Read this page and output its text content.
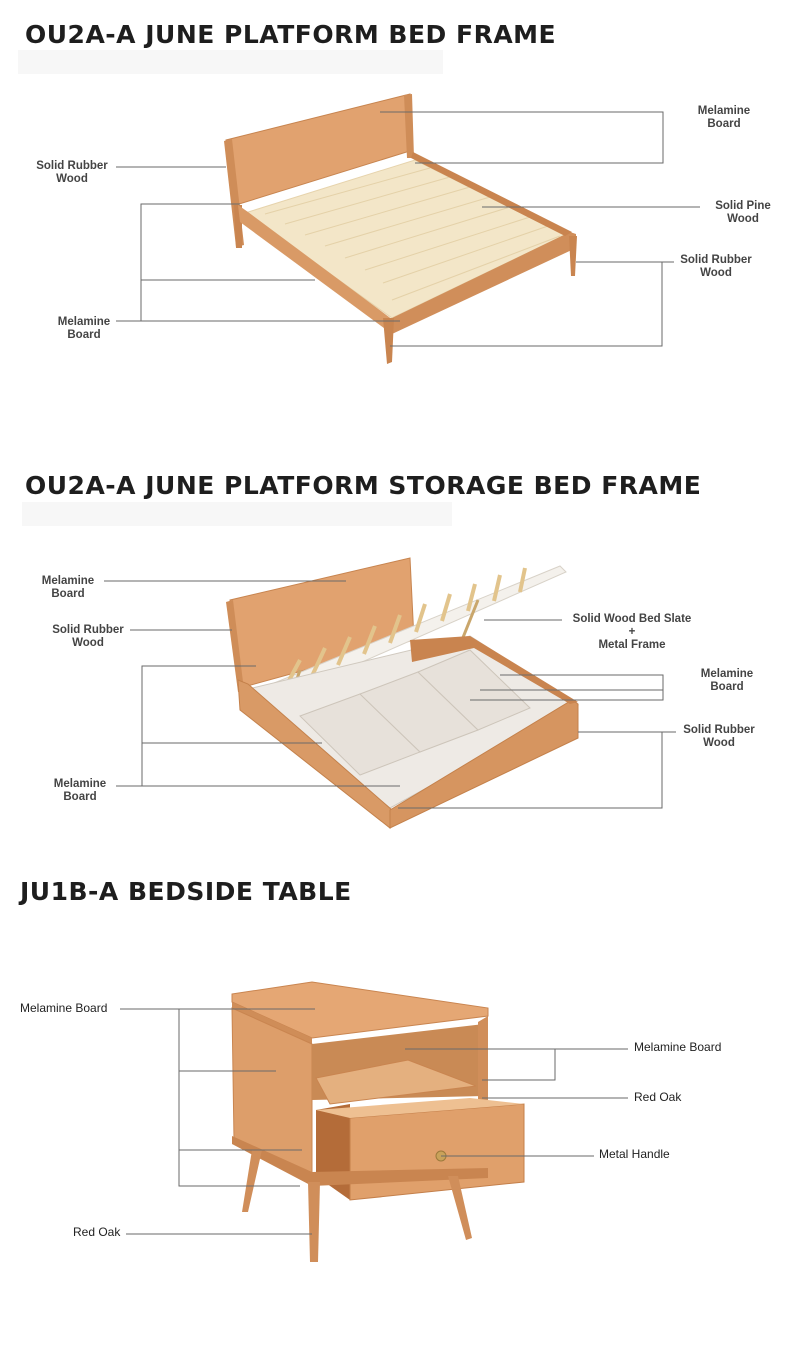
OU2A-A JUNE PLATFORM BED FRAME
Melamine
Board
Solid Rubber
Wood
Solid Pine
Wood
Solid Rubber
Wood
Melamine
Board
OU2A-A JUNE PLATFORM STORAGE BED FRAME
Melamine
Board
Solid Rubber
Wood
Solid Wood Bed Slate
+
Metal Frame
Melamine
Board
Solid Rubber
Wood
Melamine
Board
JU1B-A BEDSIDE TABLE
Melamine Board
Red Oak
Melamine Board
Red Oak
Metal Handle
